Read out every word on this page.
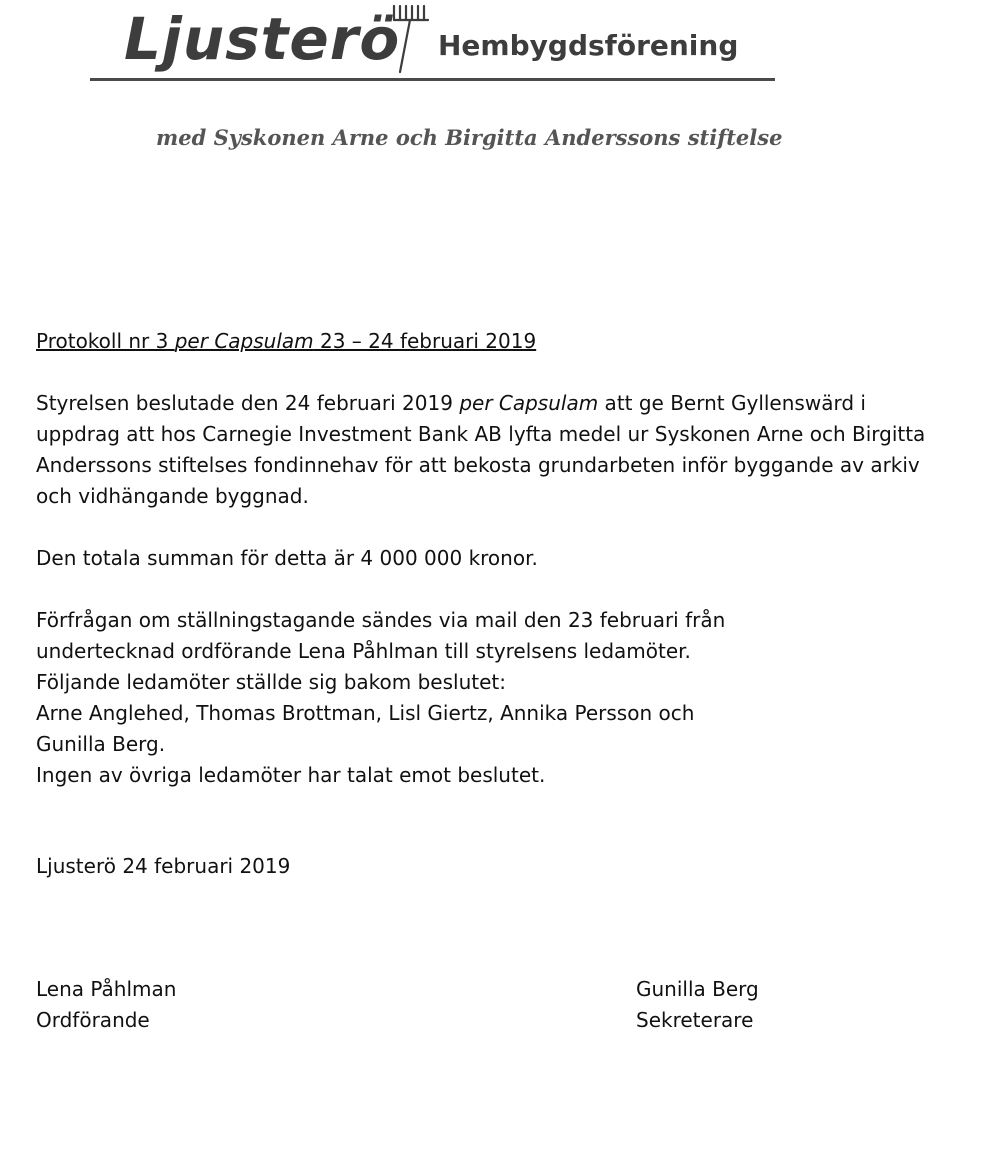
Ljusterö Hembygdsförening
med Syskonen Arne och Birgitta Anderssons stiftelse

Protokoll nr 3 per Capsulam 23 – 24 februari 2019

Styrelsen beslutade den 24 februari 2019 per Capsulam att ge Bernt Gyllenswärd i uppdrag att hos Carnegie Investment Bank AB lyfta medel ur Syskonen Arne och Birgitta Anderssons stiftelses fondinnehav för att bekosta grundarbeten inför byggande av arkiv och vidhängande byggnad.

Den totala summan för detta är 4 000 000 kronor.

Förfrågan om ställningstagande sändes via mail den 23 februari från

undertecknad ordförande Lena Påhlman till styrelsens ledamöter.

Följande ledamöter ställde sig bakom beslutet:

Arne Anglehed, Thomas Brottman, Lisl Giertz, Annika Persson och

Gunilla Berg.

Ingen av övriga ledamöter har talat emot beslutet.

Ljusterö 24 februari 2019

Lena Påhlman
Ordförande
Gunilla Berg
Sekreterare
